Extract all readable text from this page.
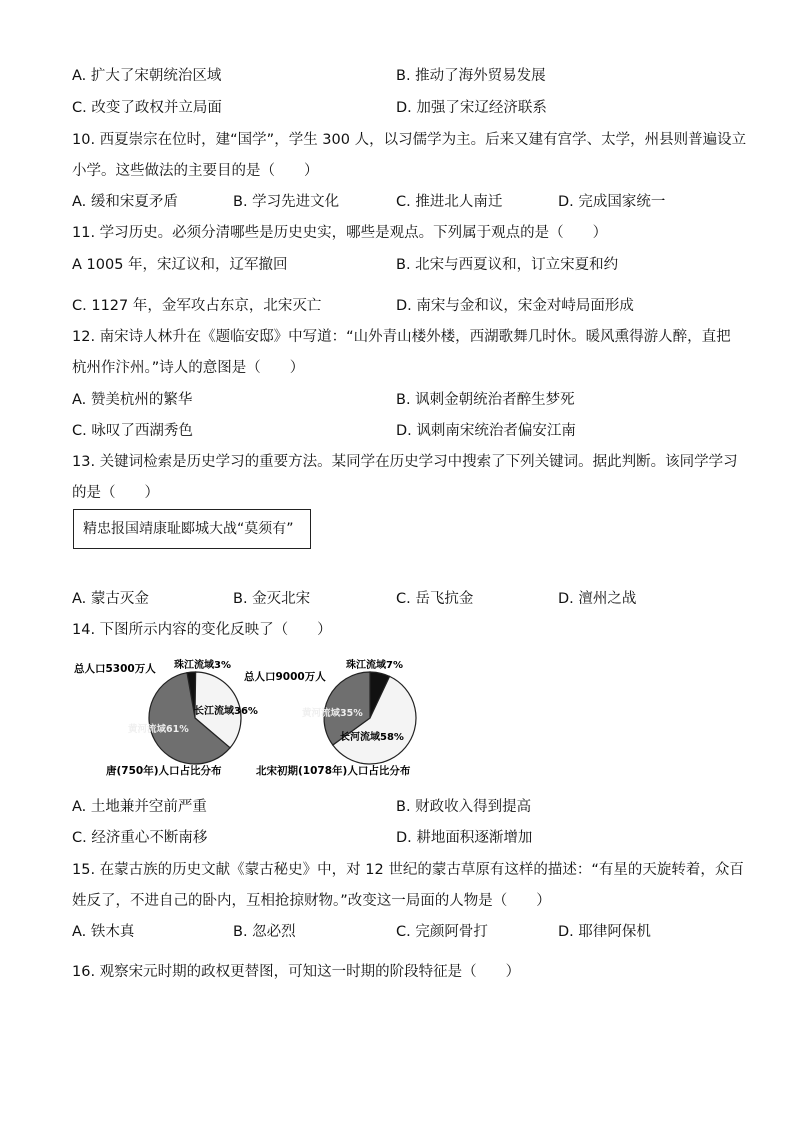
A. 扩大了宋朝统治区域	B. 推动了海外贸易发展
C. 改变了政权并立局面	D. 加强了宋辽经济联系
10. 西夏崇宗在位时，建“国学”，学生 300 人，以习儒学为主。后来又建有宫学、太学，州县则普遍设立
小学。这些做法的主要目的是（　　）
A. 缓和宋夏矛盾	B. 学习先进文化	C. 推进北人南迁	D. 完成国家统一
11. 学习历史。必须分清哪些是历史史实，哪些是观点。下列属于观点的是（　　）
A 1005 年，宋辽议和，辽军撤回	B. 北宋与西夏议和，订立宋夏和约
C. 1127 年，金军攻占东京，北宋灭亡	D. 南宋与金和议，宋金对峙局面形成
12. 南宋诗人林升在《题临安邸》中写道：“山外青山楼外楼，西湖歌舞几时休。暖风熏得游人醉，直把
杭州作汴州。”诗人的意图是（　　）
A. 赞美杭州的繁华	B. 讽刺金朝统治者醉生梦死
C. 咏叹了西湖秀色	D. 讽刺南宋统治者偏安江南
13. 关键词检索是历史学习的重要方法。某同学在历史学习中搜索了下列关键词。据此判断。该同学学习
的是（　　）
精忠报国靖康耻郾城大战“莫须有”
A. 蒙古灭金	B. 金灭北宋	C. 岳飞抗金	D. 澶州之战
14. 下图所示内容的变化反映了（　　）
总人口5300万人 珠江流域3%
长江流域36%
黄河流域61%
唐(750年)人口占比分布
总人口9000万人
珠江流域7%
长河流域58%
黄河流域35%
北宋初期(1078年)人口占比分布
A. 土地兼并空前严重	B. 财政收入得到提高
C. 经济重心不断南移	D. 耕地面积逐渐增加
15. 在蒙古族的历史文献《蒙古秘史》中，对 12 世纪的蒙古草原有这样的描述：“有星的天旋转着，众百
姓反了，不进自己的卧内，互相抢掠财物。”改变这一局面的人物是（　　）
A. 铁木真	B. 忽必烈	C. 完颜阿骨打	D. 耶律阿保机
16. 观察宋元时期的政权更替图，可知这一时期的阶段特征是（　　）
